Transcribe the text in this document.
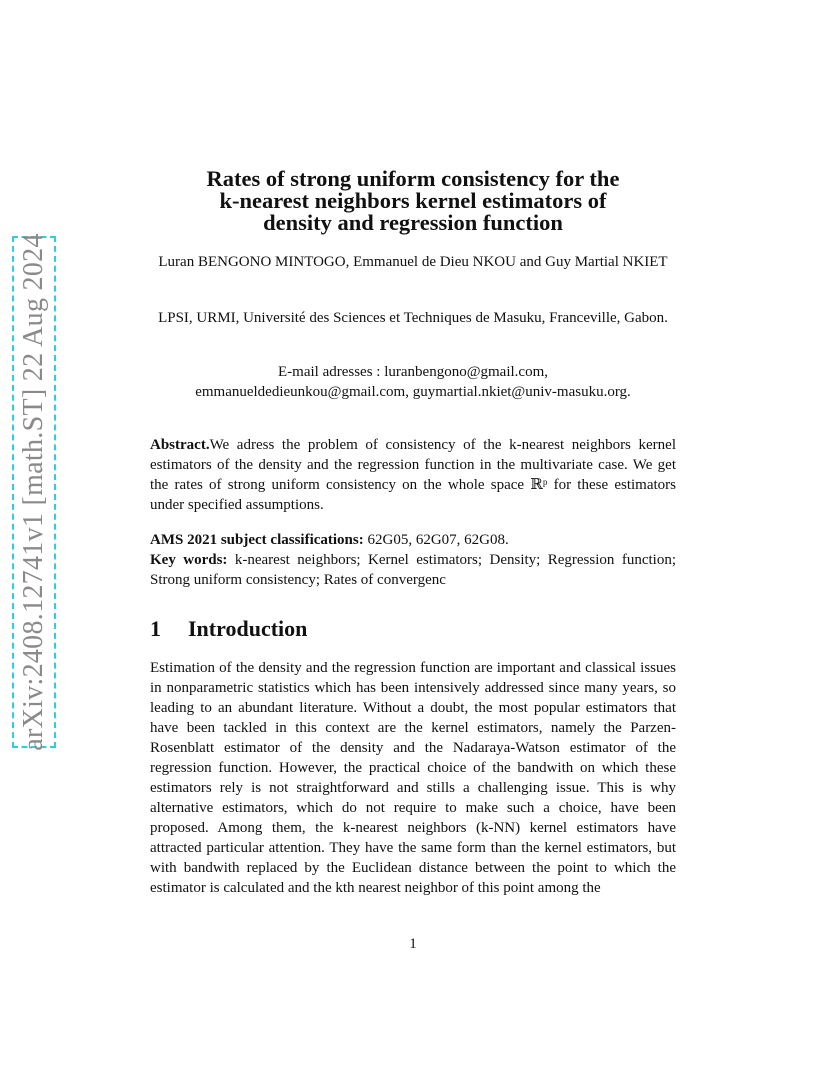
arXiv:2408.12741v1 [math.ST] 22 Aug 2024
Rates of strong uniform consistency for the
k-nearest neighbors kernel estimators of
density and regression function
Luran BENGONO MINTOGO, Emmanuel de Dieu NKOU and Guy Martial NKIET
LPSI, URMI, Université des Sciences et Techniques de Masuku, Franceville, Gabon.
E-mail adresses : luranbengono@gmail.com,
emmanueldedieunkou@gmail.com, guymartial.nkiet@univ-masuku.org.
Abstract.We adress the problem of consistency of the k-nearest neighbors kernel estimators of the density and the regression function in the multivariate case. We get the rates of strong uniform consistency on the whole space ℝᵖ for these estimators under specified assumptions.
AMS 2021 subject classifications: 62G05, 62G07, 62G08.
Key words: k-nearest neighbors; Kernel estimators; Density; Regression function; Strong uniform consistency; Rates of convergenc
1 Introduction
Estimation of the density and the regression function are important and classical issues in nonparametric statistics which has been intensively addressed since many years, so leading to an abundant literature. Without a doubt, the most popular estimators that have been tackled in this context are the kernel estimators, namely the Parzen-Rosenblatt estimator of the density and the Nadaraya-Watson estimator of the regression function. However, the practical choice of the bandwith on which these estimators rely is not straightforward and stills a challenging issue. This is why alternative estimators, which do not require to make such a choice, have been proposed. Among them, the k-nearest neighbors (k-NN) kernel estimators have attracted particular attention. They have the same form than the kernel estimators, but with bandwith replaced by the Euclidean distance between the point to which the estimator is calculated and the kth nearest neighbor of this point among the
1
